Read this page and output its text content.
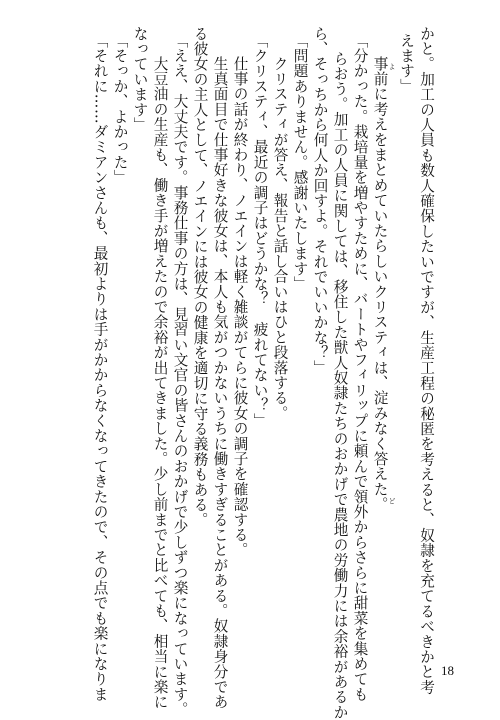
かと。加工の人員も数人確保したいですが、生産工程の秘匿を考えると、奴隷を充てるべきかと考
えます」
事前に考えをまとめていたらしいクリスティは、淀みなく答えた。 よど
「分かった。栽培量を増やすために、バートやフィリップに頼んで領外からさらに甜菜を集めても
らおう。加工の人員に関しては、移住した獣人奴隷たちのおかげで農地の労働力には余裕があるか
ら、そっちから何人か回すよ。それでいいかな？」
「問題ありません。感謝いたします」
クリスティが答え、報告と話し合いはひと段落する。
「クリスティ、最近の調子はどうかな？　疲れてない？」
仕事の話が終わり、ノエインは軽く雑談がてらに彼女の調子を確認する。
生真面目で仕事好きな彼女は、本人も気がつかないうちに働きすぎることがある。奴隷身分であ
る彼女の主人として、ノエインには彼女の健康を適切に守る義務もある。
「ええ、大丈夫です。事務仕事の方は、見習い文官の皆さんのおかげで少しずつ楽になっています。
大豆油の生産も、働き手が増えたので余裕が出てきました。少し前までと比べても、相当に楽に
なっています」
「そっか、よかった」
「それに……ダミアンさんも、最初よりは手がかからなくなってきたので、その点でも楽になりま	18
